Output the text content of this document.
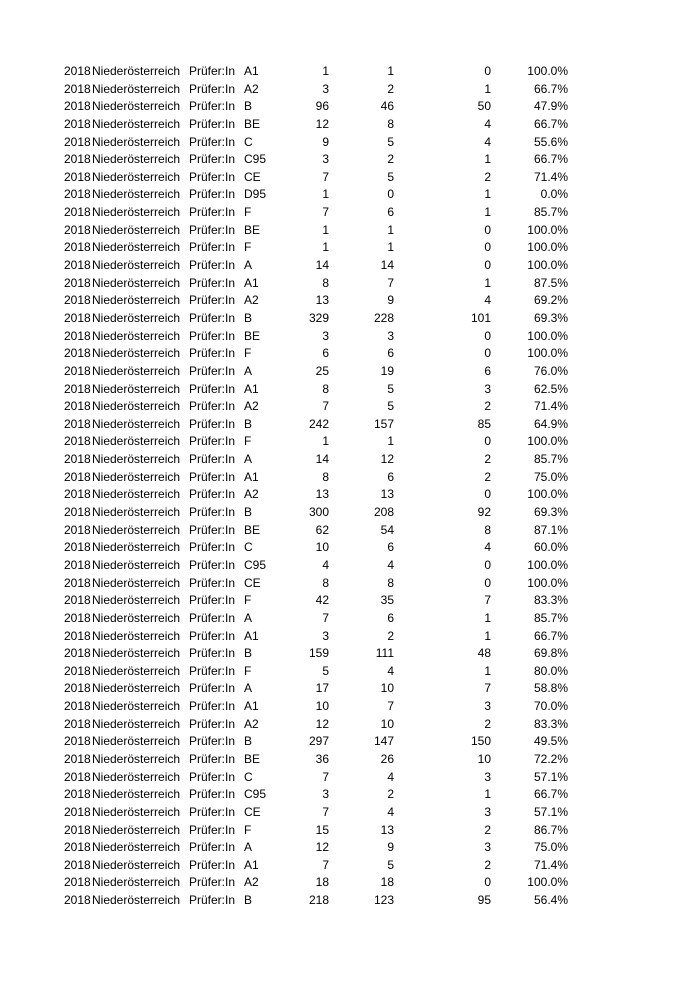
2018 Niederösterreich Prüfer:In A1	1	1	0	100.0%
2018 Niederösterreich Prüfer:In A2	3	2	1	66.7%
2018 Niederösterreich Prüfer:In B	96	46	50	47.9%
2018 Niederösterreich Prüfer:In BE	12	8	4	66.7%
2018 Niederösterreich Prüfer:In C	9	5	4	55.6%
2018 Niederösterreich Prüfer:In C95	3	2	1	66.7%
2018 Niederösterreich Prüfer:In CE	7	5	2	71.4%
2018 Niederösterreich Prüfer:In D95	1	0	1	0.0%
2018 Niederösterreich Prüfer:In F	7	6	1	85.7%
2018 Niederösterreich Prüfer:In BE	1	1	0	100.0%
2018 Niederösterreich Prüfer:In F	1	1	0	100.0%
2018 Niederösterreich Prüfer:In A	14	14	0	100.0%
2018 Niederösterreich Prüfer:In A1	8	7	1	87.5%
2018 Niederösterreich Prüfer:In A2	13	9	4	69.2%
2018 Niederösterreich Prüfer:In B	329	228	101	69.3%
2018 Niederösterreich Prüfer:In BE	3	3	0	100.0%
2018 Niederösterreich Prüfer:In F	6	6	0	100.0%
2018 Niederösterreich Prüfer:In A	25	19	6	76.0%
2018 Niederösterreich Prüfer:In A1	8	5	3	62.5%
2018 Niederösterreich Prüfer:In A2	7	5	2	71.4%
2018 Niederösterreich Prüfer:In B	242	157	85	64.9%
2018 Niederösterreich Prüfer:In F	1	1	0	100.0%
2018 Niederösterreich Prüfer:In A	14	12	2	85.7%
2018 Niederösterreich Prüfer:In A1	8	6	2	75.0%
2018 Niederösterreich Prüfer:In A2	13	13	0	100.0%
2018 Niederösterreich Prüfer:In B	300	208	92	69.3%
2018 Niederösterreich Prüfer:In BE	62	54	8	87.1%
2018 Niederösterreich Prüfer:In C	10	6	4	60.0%
2018 Niederösterreich Prüfer:In C95	4	4	0	100.0%
2018 Niederösterreich Prüfer:In CE	8	8	0	100.0%
2018 Niederösterreich Prüfer:In F	42	35	7	83.3%
2018 Niederösterreich Prüfer:In A	7	6	1	85.7%
2018 Niederösterreich Prüfer:In A1	3	2	1	66.7%
2018 Niederösterreich Prüfer:In B	159	111	48	69.8%
2018 Niederösterreich Prüfer:In F	5	4	1	80.0%
2018 Niederösterreich Prüfer:In A	17	10	7	58.8%
2018 Niederösterreich Prüfer:In A1	10	7	3	70.0%
2018 Niederösterreich Prüfer:In A2	12	10	2	83.3%
2018 Niederösterreich Prüfer:In B	297	147	150	49.5%
2018 Niederösterreich Prüfer:In BE	36	26	10	72.2%
2018 Niederösterreich Prüfer:In C	7	4	3	57.1%
2018 Niederösterreich Prüfer:In C95	3	2	1	66.7%
2018 Niederösterreich Prüfer:In CE	7	4	3	57.1%
2018 Niederösterreich Prüfer:In F	15	13	2	86.7%
2018 Niederösterreich Prüfer:In A	12	9	3	75.0%
2018 Niederösterreich Prüfer:In A1	7	5	2	71.4%
2018 Niederösterreich Prüfer:In A2	18	18	0	100.0%
2018 Niederösterreich Prüfer:In B	218	123	95	56.4%
